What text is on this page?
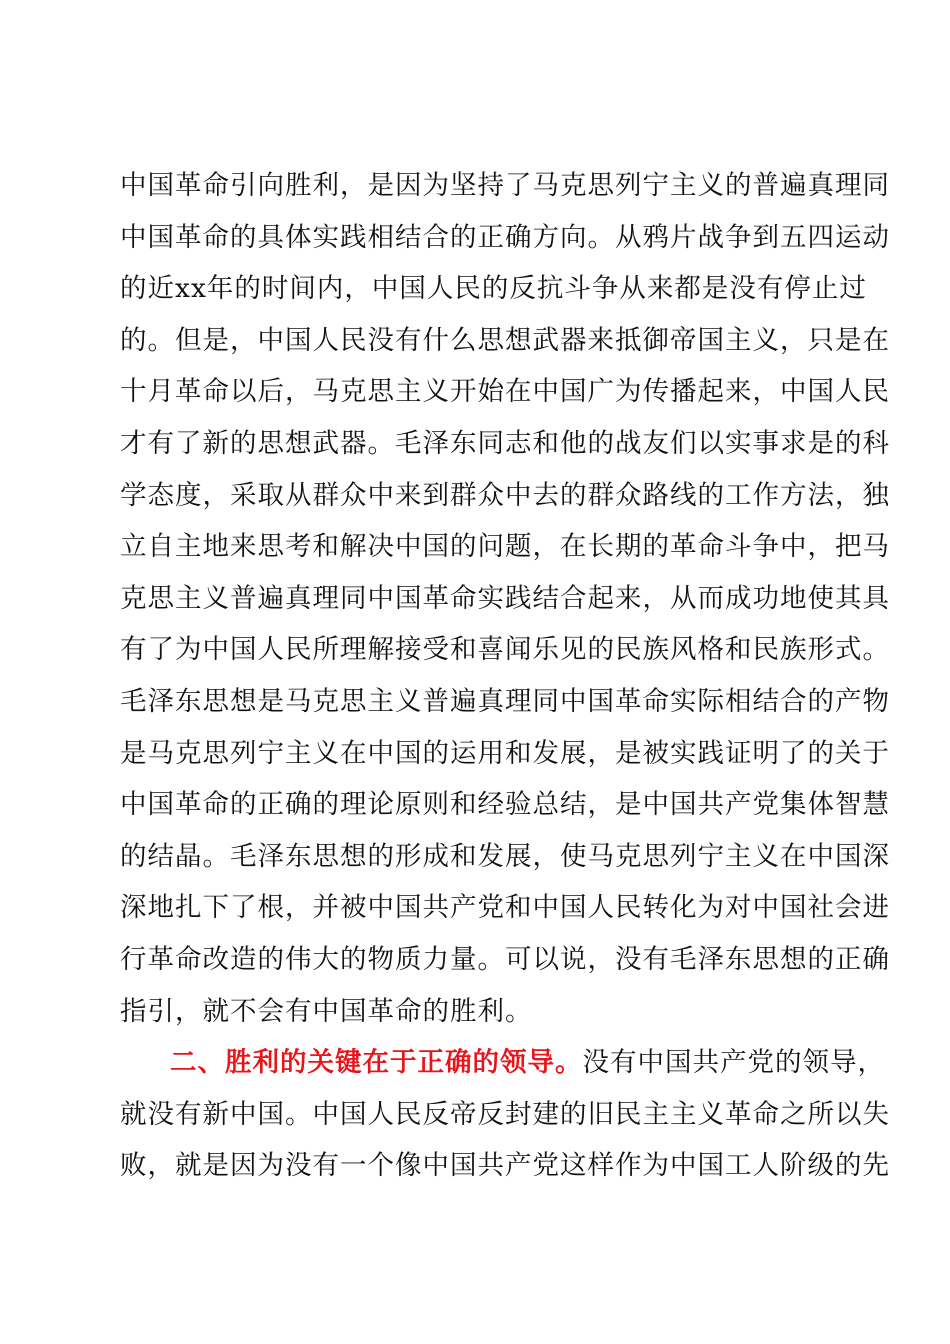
中国革命引向胜利，是因为坚持了马克思列宁主义的普遍真理同
中国革命的具体实践相结合的正确方向。从鸦片战争到五四运动
的近xx年的时间内，中国人民的反抗斗争从来都是没有停止过
的。但是，中国人民没有什么思想武器来抵御帝国主义，只是在
十月革命以后，马克思主义开始在中国广为传播起来，中国人民
才有了新的思想武器。毛泽东同志和他的战友们以实事求是的科
学态度，采取从群众中来到群众中去的群众路线的工作方法，独
立自主地来思考和解决中国的问题，在长期的革命斗争中，把马
克思主义普遍真理同中国革命实践结合起来，从而成功地使其具
有了为中国人民所理解接受和喜闻乐见的民族风格和民族形式。
毛泽东思想是马克思主义普遍真理同中国革命实际相结合的产物
是马克思列宁主义在中国的运用和发展，是被实践证明了的关于
中国革命的正确的理论原则和经验总结，是中国共产党集体智慧
的结晶。毛泽东思想的形成和发展，使马克思列宁主义在中国深
深地扎下了根，并被中国共产党和中国人民转化为对中国社会进
行革命改造的伟大的物质力量。可以说，没有毛泽东思想的正确
指引，就不会有中国革命的胜利。
二、胜利的关键在于正确的领导。没有中国共产党的领导，
就没有新中国。中国人民反帝反封建的旧民主主义革命之所以失
败，就是因为没有一个像中国共产党这样作为中国工人阶级的先
